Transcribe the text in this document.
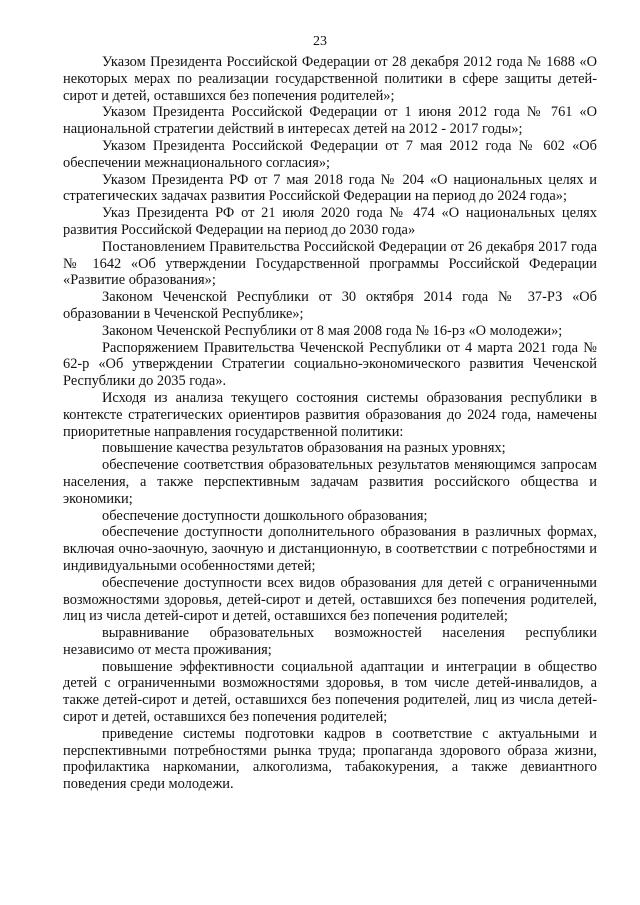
23

Указом Президента Российской Федерации от 28 декабря 2012 года № 1688 «О некоторых мерах по реализации государственной политики в сфере защиты детей-сирот и детей, оставшихся без попечения родителей»;

Указом Президента Российской Федерации от 1 июня 2012 года № 761 «О национальной стратегии действий в интересах детей на 2012 - 2017 годы»;

Указом Президента Российской Федерации от 7 мая 2012 года № 602 «Об обеспечении межнационального согласия»;

Указом Президента РФ от 7 мая 2018 года № 204 «О национальных целях и стратегических задачах развития Российской Федерации на период до 2024 года»;

Указ Президента РФ от 21 июля 2020 года № 474 «О национальных целях развития Российской Федерации на период до 2030 года»

Постановлением Правительства Российской Федерации от 26 декабря 2017 года № 1642 «Об утверждении Государственной программы Российской Федерации «Развитие образования»;

Законом Чеченской Республики от 30 октября 2014 года № 37-РЗ «Об образовании в Чеченской Республике»;

Законом Чеченской Республики от 8 мая 2008 года № 16-рз «О молодежи»;

Распоряжением Правительства Чеченской Республики от 4 марта 2021 года № 62-р «Об утверждении Стратегии социально-экономического развития Чеченской Республики до 2035 года».

Исходя из анализа текущего состояния системы образования республики в контексте стратегических ориентиров развития образования до 2024 года, намечены приоритетные направления государственной политики:

повышение качества результатов образования на разных уровнях;

обеспечение соответствия образовательных результатов меняющимся запросам населения, а также перспективным задачам развития российского общества и экономики;

обеспечение доступности дошкольного образования;

обеспечение доступности дополнительного образования в различных формах, включая очно-заочную, заочную и дистанционную, в соответствии с потребностями и индивидуальными особенностями детей;

обеспечение доступности всех видов образования для детей с ограниченными возможностями здоровья, детей-сирот и детей, оставшихся без попечения родителей, лиц из числа детей-сирот и детей, оставшихся без попечения родителей;

выравнивание образовательных возможностей населения республики независимо от места проживания;

повышение эффективности социальной адаптации и интеграции в общество детей с ограниченными возможностями здоровья, в том числе детей-инвалидов, а также детей-сирот и детей, оставшихся без попечения родителей, лиц из числа детей-сирот и детей, оставшихся без попечения родителей;

приведение системы подготовки кадров в соответствие с актуальными и перспективными потребностями рынка труда; пропаганда здорового образа жизни, профилактика наркомании, алкоголизма, табакокурения, а также девиантного поведения среди молодежи.
